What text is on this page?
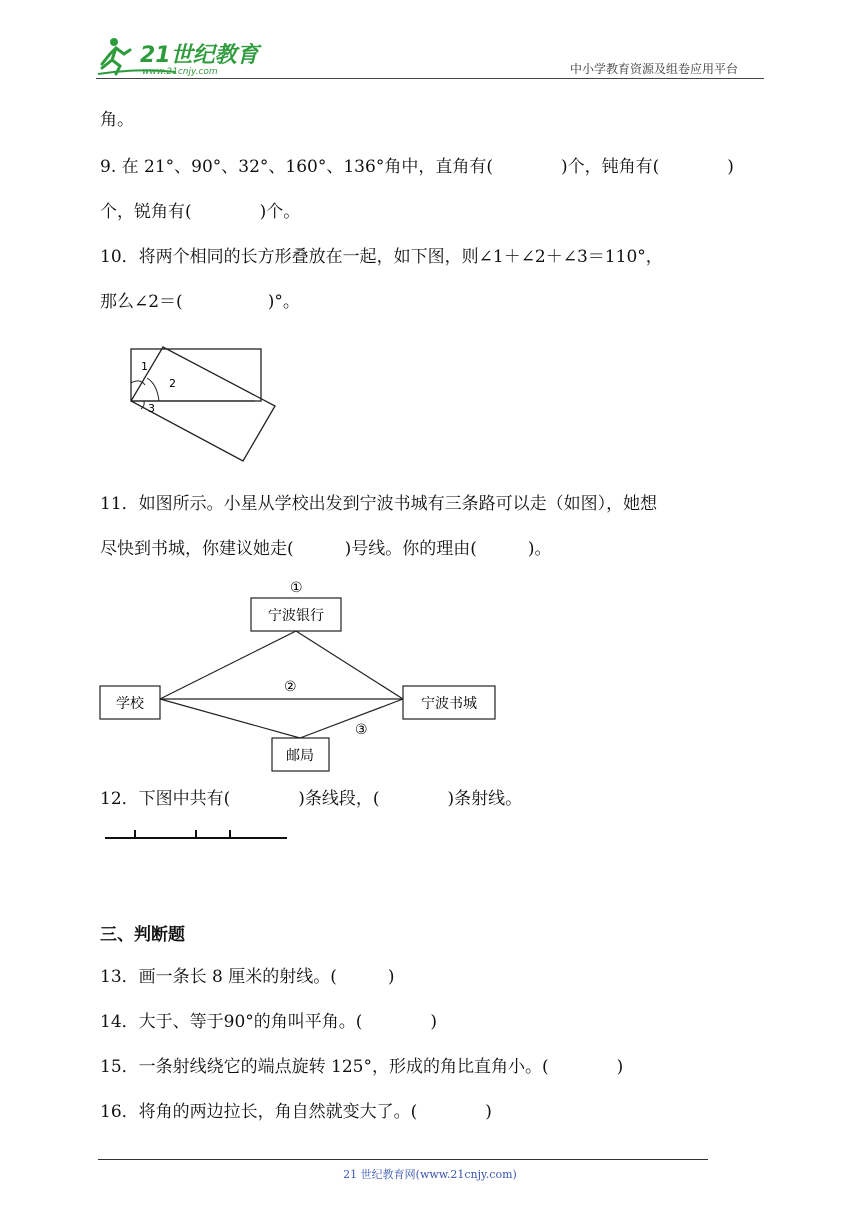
21世纪教育
www.21cnjy.com	中小学教育资源及组卷应用平台
角。
9. 在 21°、90°、32°、160°、136°角中，直角有(　　　　)个，钝角有(　　　　)
个，锐角有(　　　　)个。
10．将两个相同的长方形叠放在一起，如下图，则∠1＋∠2＋∠3＝110°，
那么∠2＝(　　　　　)°。
1
2
3
11．如图所示。小星从学校出发到宁波书城有三条路可以走（如图），她想
尽快到书城，你建议她走(　　　)号线。你的理由(　　　)。
①
宁波银行
学校	宁波书城
邮局
②
③
12．下图中共有(　　　　)条线段，(　　　　)条射线。
三、判断题
13．画一条长 8 厘米的射线。(　　　)
14．大于、等于90°的角叫平角。(　　　　)
15．一条射线绕它的端点旋转 125°，形成的角比直角小。(　　　　)
16．将角的两边拉长，角自然就变大了。(　　　　)
21 世纪教育网(www.21cnjy.com)
